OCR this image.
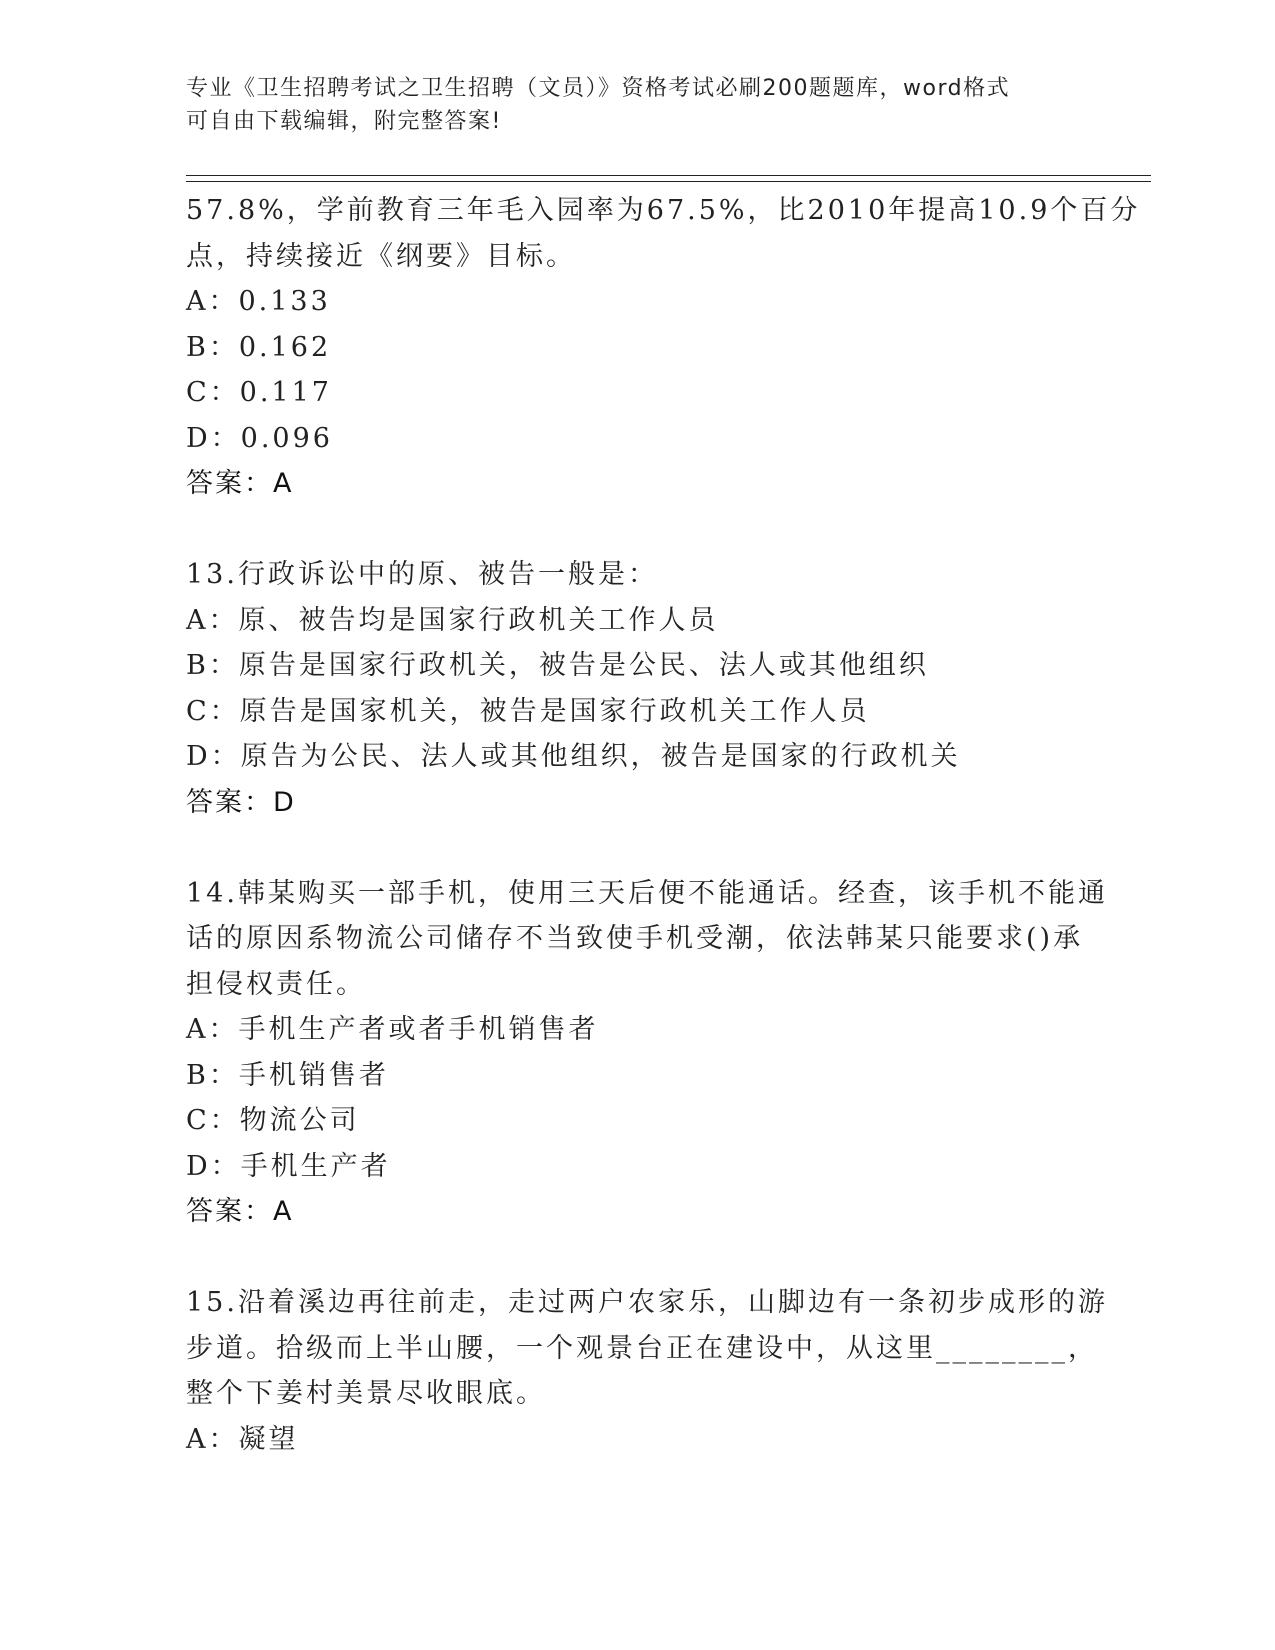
专业《卫生招聘考试之卫生招聘（文员）》资格考试必刷200题题库，word格式
可自由下载编辑，附完整答案!
57.8%，学前教育三年毛入园率为67.5%，比2010年提高10.9个百分
点，持续接近《纲要》目标。
A：0.133
B：0.162
C：0.117
D：0.096
答案：A
13.行政诉讼中的原、被告一般是：
A：原、被告均是国家行政机关工作人员
B：原告是国家行政机关，被告是公民、法人或其他组织
C：原告是国家机关，被告是国家行政机关工作人员
D：原告为公民、法人或其他组织，被告是国家的行政机关
答案：D
14.韩某购买一部手机，使用三天后便不能通话。经查，该手机不能通
话的原因系物流公司储存不当致使手机受潮，依法韩某只能要求()承
担侵权责任。
A：手机生产者或者手机销售者
B：手机销售者
C：物流公司
D：手机生产者
答案：A
15.沿着溪边再往前走，走过两户农家乐，山脚边有一条初步成形的游
步道。拾级而上半山腰，一个观景台正在建设中，从这里________，
整个下姜村美景尽收眼底。
A：凝望
